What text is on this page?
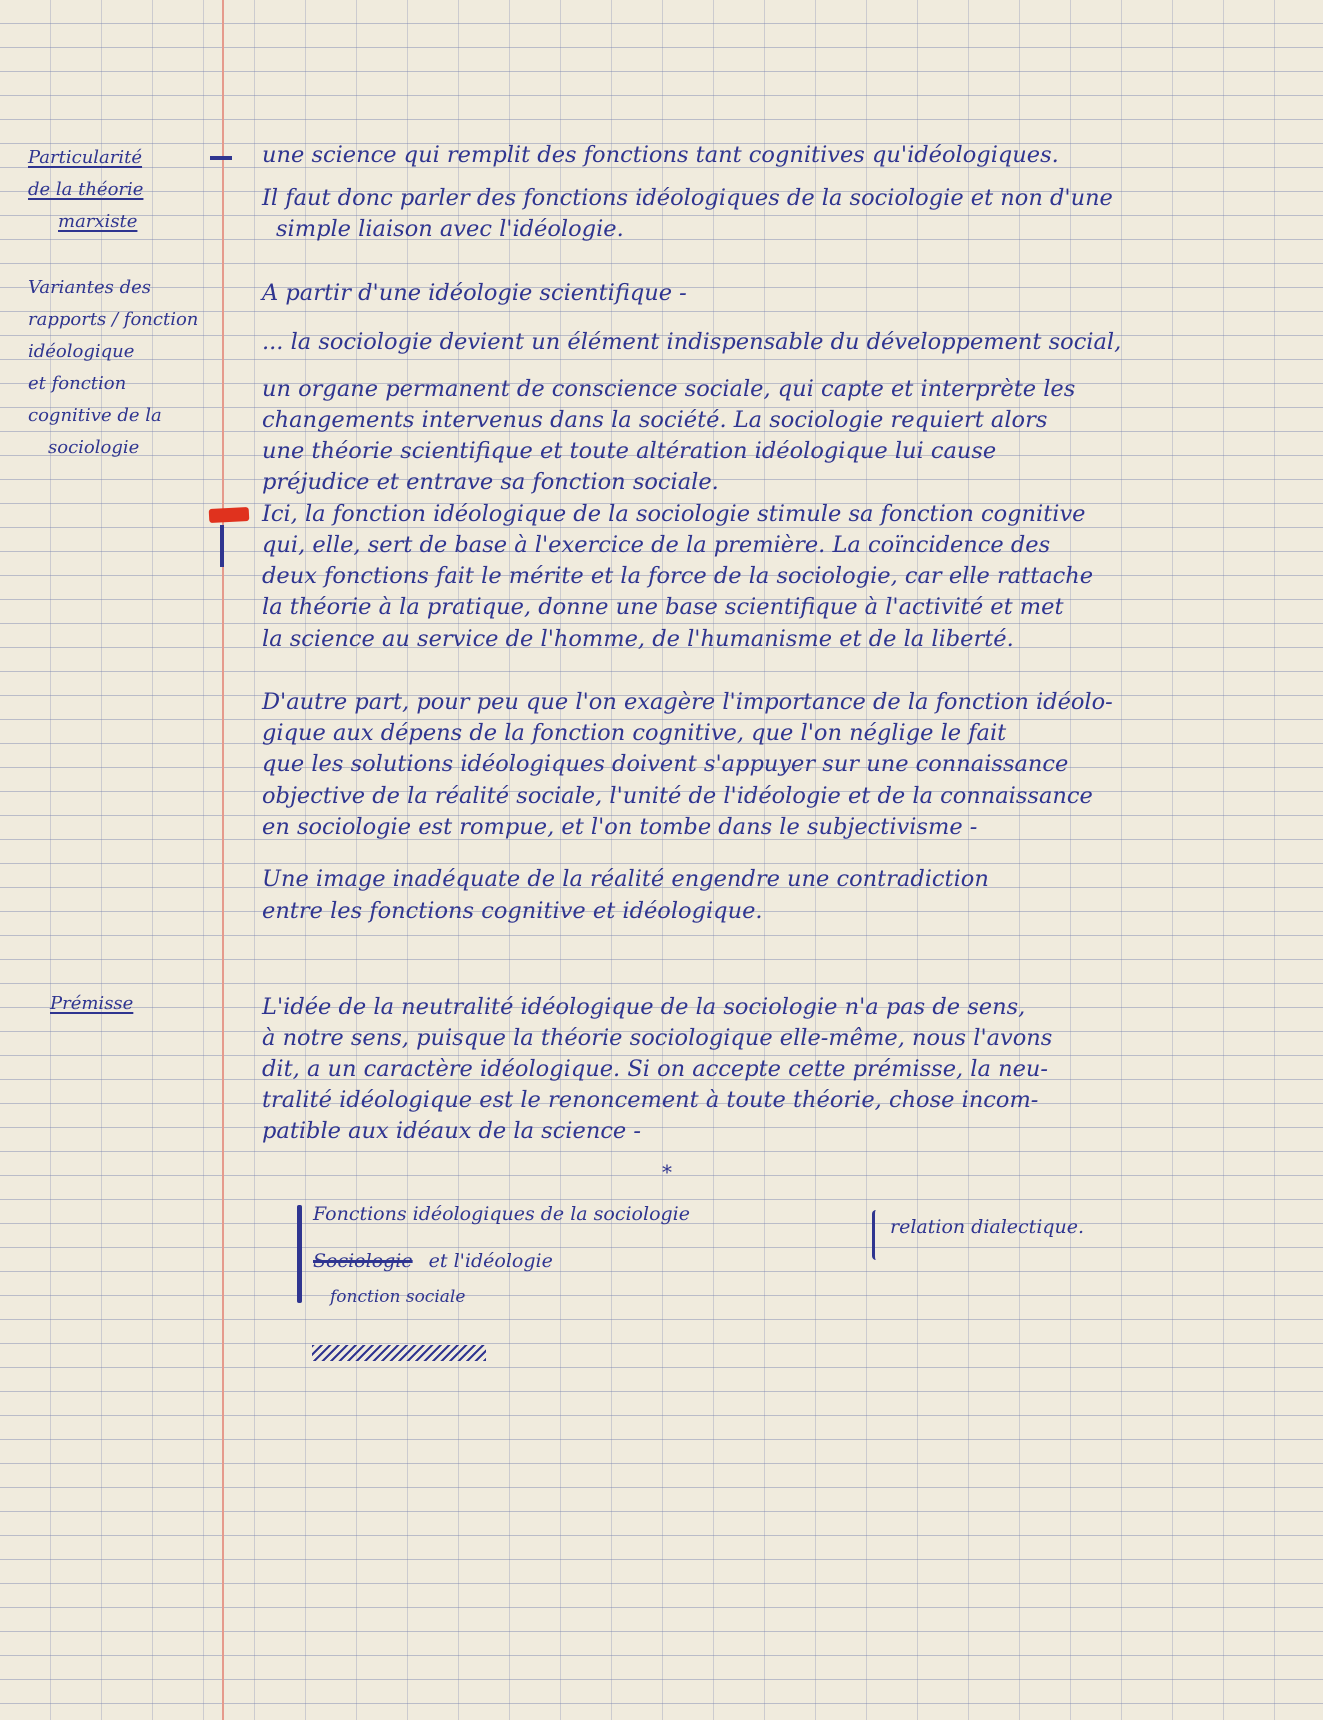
Particularité
de la théorie
marxiste
Variantes des
rapports / fonction
idéologique
et fonction
cognitive de la
sociologie
Prémisse
une science qui remplit des fonctions tant cognitives qu'idéologiques.
Il faut donc parler des fonctions idéologiques de la sociologie et non d'une
simple liaison avec l'idéologie.
A partir d'une idéologie scientifique -
... la sociologie devient un élément indispensable du développement social,
un organe permanent de conscience sociale, qui capte et interprète les
changements intervenus dans la société. La sociologie requiert alors
une théorie scientifique et toute altération idéologique lui cause
préjudice et entrave sa fonction sociale.
Ici, la fonction idéologique de la sociologie stimule sa fonction cognitive
qui, elle, sert de base à l'exercice de la première. La coïncidence des
deux fonctions fait le mérite et la force de la sociologie, car elle rattache
la théorie à la pratique, donne une base scientifique à l'activité et met
la science au service de l'homme, de l'humanisme et de la liberté.
D'autre part, pour peu que l'on exagère l'importance de la fonction idéolo-
gique aux dépens de la fonction cognitive, que l'on néglige le fait
que les solutions idéologiques doivent s'appuyer sur une connaissance
objective de la réalité sociale, l'unité de l'idéologie et de la connaissance
en sociologie est rompue, et l'on tombe dans le subjectivisme -
Une image inadéquate de la réalité engendre une contradiction
entre les fonctions cognitive et idéologique.
L'idée de la neutralité idéologique de la sociologie n'a pas de sens,
à notre sens, puisque la théorie sociologique elle-même, nous l'avons
dit, a un caractère idéologique. Si on accepte cette prémisse, la neu-
tralité idéologique est le renoncement à toute théorie, chose incom-
patible aux idéaux de la science -
*
Fonctions idéologiques de la sociologie
Sociologie et l'idéologie
fonction sociale
relation dialectique.
